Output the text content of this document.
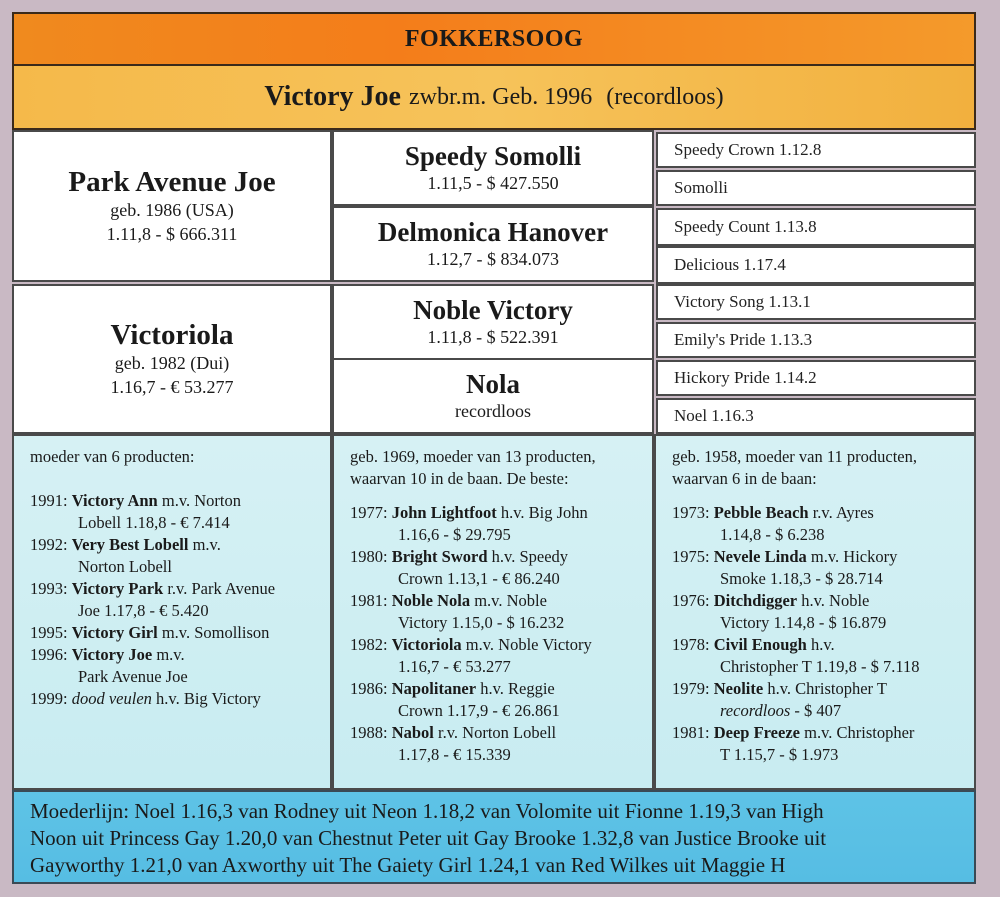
FOKKERSOOG
Victory Joe zwbr.m. Geb. 1996 (recordloos)
Park Avenue Joe
geb. 1986 (USA)
1.11,8 - $ 666.311
Victoriola
geb. 1982 (Dui)
1.16,7 - € 53.277
Speedy Somolli
1.11,5 - $ 427.550
Delmonica Hanover
1.12,7 - $ 834.073
Noble Victory
1.11,8 - $ 522.391
Nola
recordloos
Speedy Crown 1.12.8
Somolli
Speedy Count 1.13.8
Delicious 1.17.4
Victory Song 1.13.1
Emily's Pride 1.13.3
Hickory Pride 1.14.2
Noel 1.16.3

moeder van 6 producten:

1991: Victory Ann m.v. Norton
Lobell 1.18,8 - € 7.414
1992: Very Best Lobell m.v.
Norton Lobell
1993: Victory Park r.v. Park Avenue
Joe 1.17,8 - € 5.420
1995: Victory Girl m.v. Somollison
1996: Victory Joe m.v.
Park Avenue Joe
1999: dood veulen h.v. Big Victory

geb. 1969, moeder van 13 producten,

waarvan 10 in de baan. De beste:

1977: John Lightfoot h.v. Big John
1.16,6 - $ 29.795
1980: Bright Sword h.v. Speedy
Crown 1.13,1 - € 86.240
1981: Noble Nola m.v. Noble
Victory 1.15,0 - $ 16.232
1982: Victoriola m.v. Noble Victory
1.16,7 - € 53.277
1986: Napolitaner h.v. Reggie
Crown 1.17,9 - € 26.861
1988: Nabol r.v. Norton Lobell
1.17,8 - € 15.339

geb. 1958, moeder van 11 producten,

waarvan 6 in de baan:

1973: Pebble Beach r.v. Ayres
1.14,8 - $ 6.238
1975: Nevele Linda m.v. Hickory
Smoke 1.18,3 - $ 28.714
1976: Ditchdigger h.v. Noble
Victory 1.14,8 - $ 16.879
1978: Civil Enough h.v.
Christopher T 1.19,8 - $ 7.118
1979: Neolite h.v. Christopher T
recordloos - $ 407
1981: Deep Freeze m.v. Christopher
T 1.15,7 - $ 1.973
Moederlijn: Noel 1.16,3 van Rodney uit Neon 1.18,2 van Volomite uit Fionne 1.19,3 van High
Noon uit Princess Gay 1.20,0 van Chestnut Peter uit Gay Brooke 1.32,8 van Justice Brooke uit
Gayworthy 1.21,0 van Axworthy uit The Gaiety Girl 1.24,1 van Red Wilkes uit Maggie H
